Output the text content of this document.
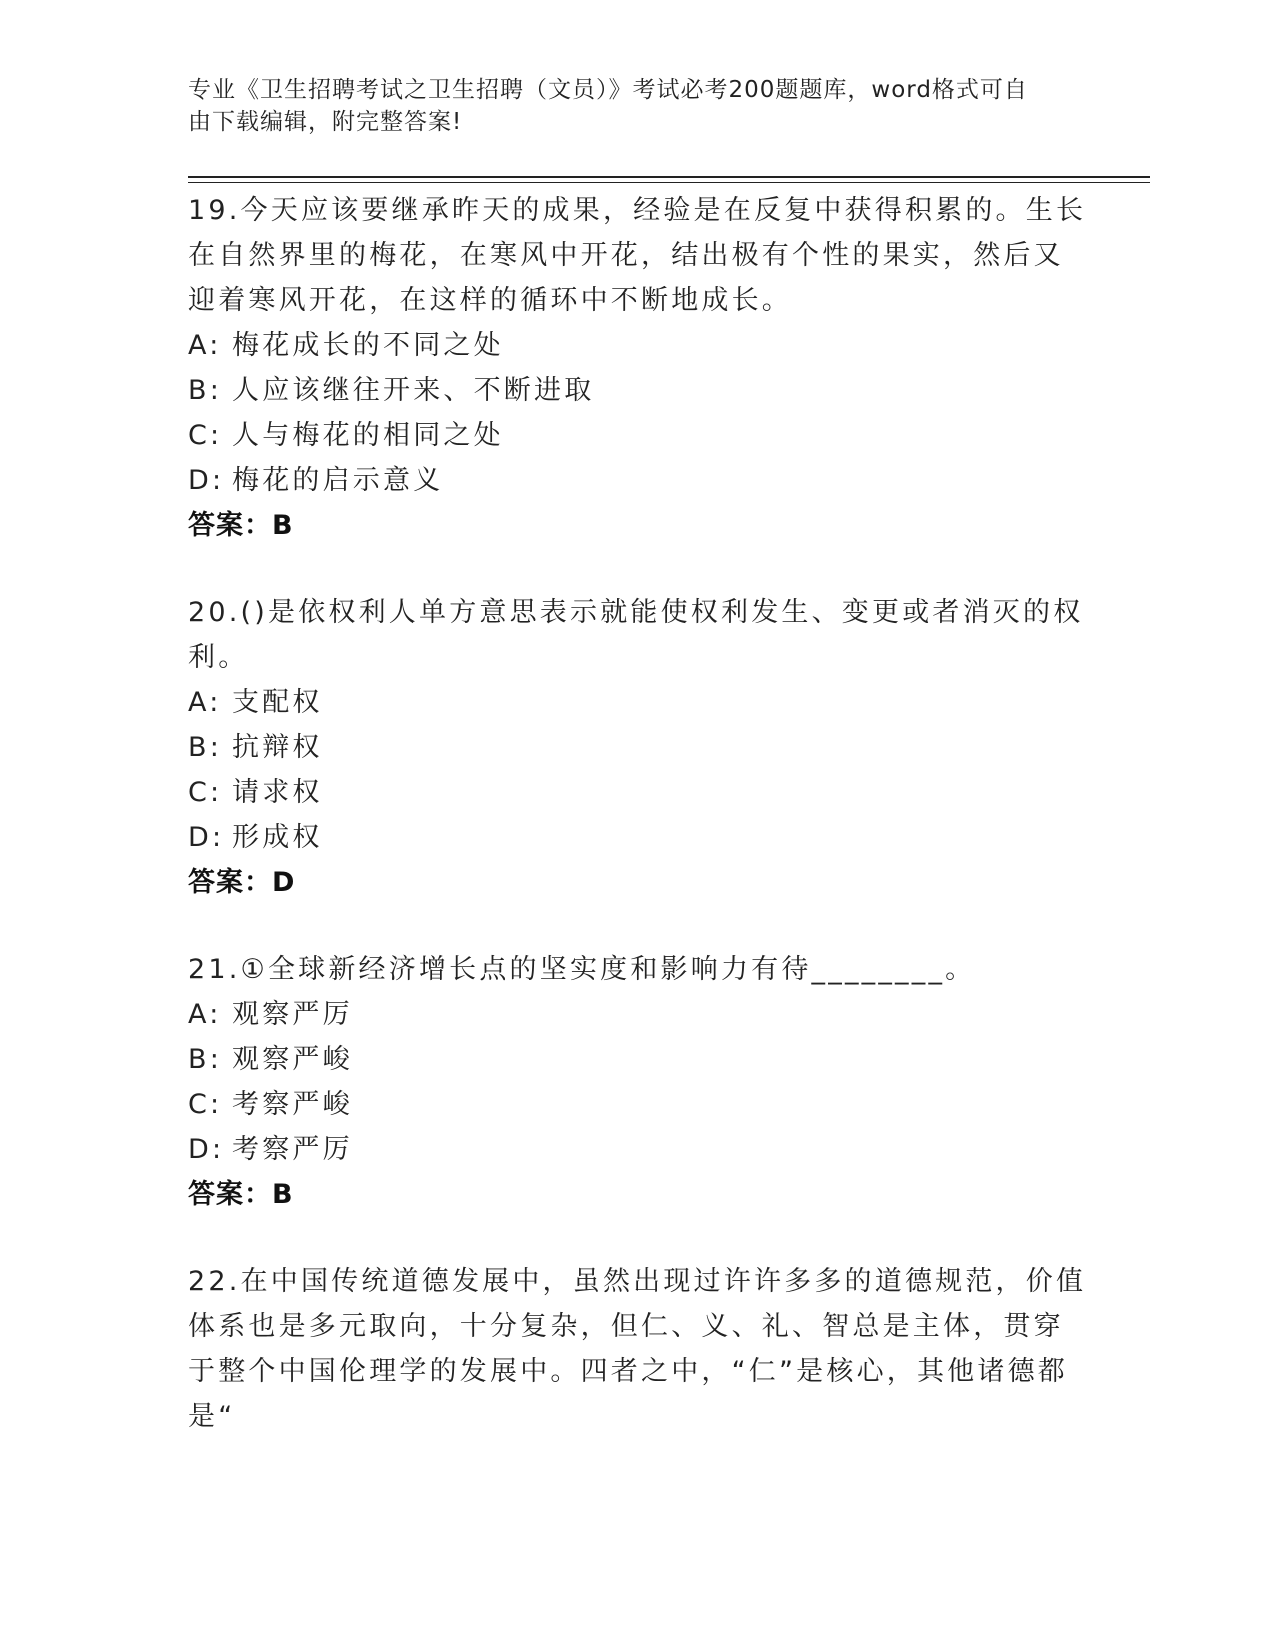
专业《卫生招聘考试之卫生招聘（文员）》考试必考200题题库，word格式可自
由下载编辑，附完整答案!
19.今天应该要继承昨天的成果，经验是在反复中获得积累的。生长在自然界里的梅花，在寒风中开花，结出极有个性的果实，然后又迎着寒风开花，在这样的循环中不断地成长。
A: 梅花成长的不同之处
B: 人应该继往开来、不断进取
C: 人与梅花的相同之处
D: 梅花的启示意义
答案：B
20.()是依权利人单方意思表示就能使权利发生、变更或者消灭的权利。
A: 支配权
B: 抗辩权
C: 请求权
D: 形成权
答案：D
21.①全球新经济增长点的坚实度和影响力有待________。
A: 观察严厉
B: 观察严峻
C: 考察严峻
D: 考察严厉
答案：B
22.在中国传统道德发展中，虽然出现过许许多多的道德规范，价值体系也是多元取向，十分复杂，但仁、义、礼、智总是主体，贯穿于整个中国伦理学的发展中。四者之中，“仁”是核心，其他诸德都是“
